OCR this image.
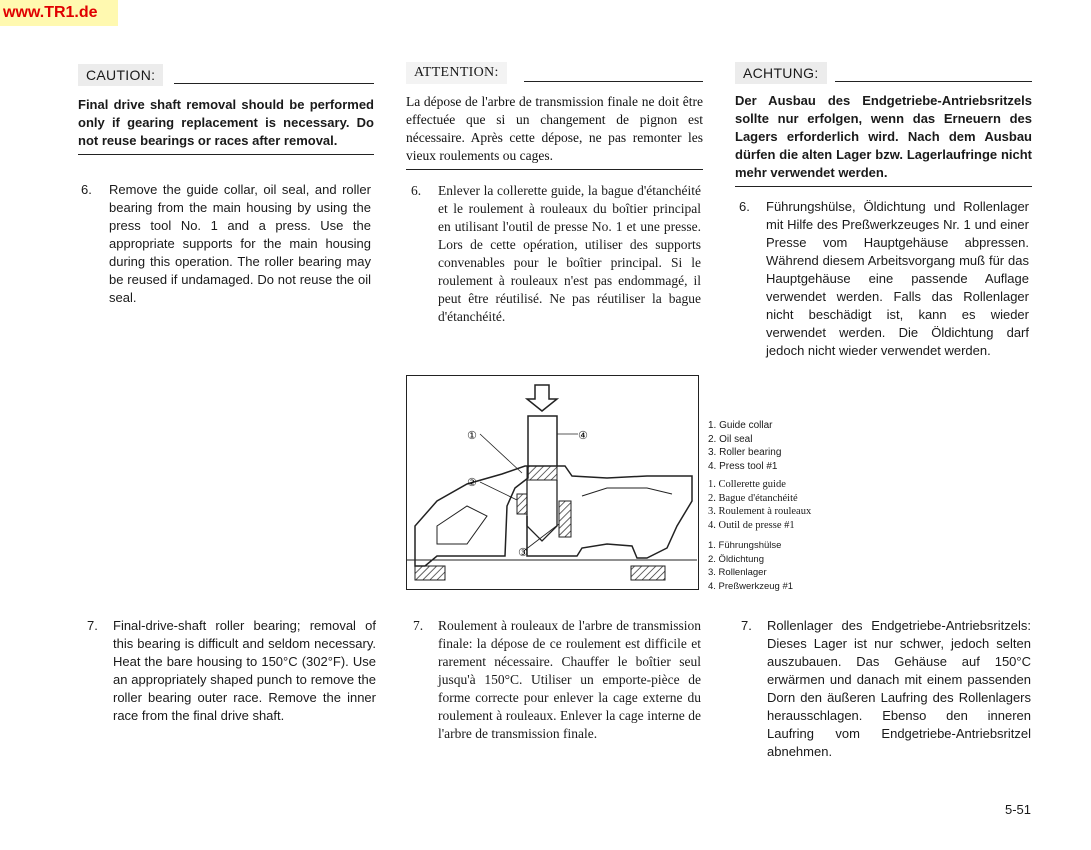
www.TR1.de
CAUTION:
Final drive shaft removal should be performed only if gearing replacement is necessary. Do not reuse bearings or races after removal.
6. Remove the guide collar, oil seal, and roller bearing from the main housing by using the press tool No. 1 and a press. Use the appropriate supports for the main housing during this operation. The roller bearing may be reused if undamaged. Do not reuse the oil seal.
7. Final-drive-shaft roller bearing; removal of this bearing is difficult and seldom necessary. Heat the bare housing to 150°C (302°F). Use an appropriately shaped punch to remove the roller bearing outer race. Remove the inner race from the final drive shaft.
ATTENTION:
La dépose de l'arbre de transmission finale ne doit être effectuée que si un changement de pignon est nécessaire. Après cette dépose, ne pas remonter les vieux roulements ou cages.
6. Enlever la collerette guide, la bague d'étanchéité et le roulement à rouleaux du boîtier principal en utilisant l'outil de presse No. 1 et une presse. Lors de cette opération, utiliser des supports convenables pour le boîtier principal. Si le roulement à rouleaux n'est pas endommagé, il peut être réutilisé. Ne pas réutiliser la bague d'étanchéité.
7. Roulement à rouleaux de l'arbre de transmission finale: la dépose de ce roulement est difficile et rarement nécessaire. Chauffer le boîtier seul jusqu'à 150°C. Utiliser un emporte-pièce de forme correcte pour enlever la cage externe du roulement à rouleaux. Enlever la cage interne de l'arbre de transmission finale.
ACHTUNG:
Der Ausbau des Endgetriebe-Antriebsritzels sollte nur erfolgen, wenn das Erneuern des Lagers erforderlich wird. Nach dem Ausbau dürfen die alten Lager bzw. Lagerlaufringe nicht mehr verwendet werden.
6. Führungshülse, Öldichtung und Rollenlager mit Hilfe des Preßwerkzeuges Nr. 1 und einer Presse vom Hauptgehäuse abpressen. Während diesem Arbeitsvorgang muß für das Hauptgehäuse eine passende Auflage verwendet werden. Falls das Rollenlager nicht beschädigt ist, kann es wieder verwendet werden. Die Öldichtung darf jedoch nicht wieder verwendet werden.
7. Rollenlager des Endgetriebe-Antriebsritzels: Dieses Lager ist nur schwer, jedoch selten auszubauen. Das Gehäuse auf 150°C erwärmen und danach mit einem passenden Dorn den äußeren Laufring des Rollenlagers herausschlagen. Ebenso den inneren Laufring vom Endgetriebe-Antriebsritzel abnehmen.
①	④
②
③
1. Guide collar
2. Oil seal
3. Roller bearing
4. Press tool #1
1. Collerette guide
2. Bague d'étanchéité
3. Roulement à rouleaux
4. Outil de presse #1
1. Führungshülse
2. Öldichtung
3. Rollenlager
4. Preßwerkzeug #1
5-51
